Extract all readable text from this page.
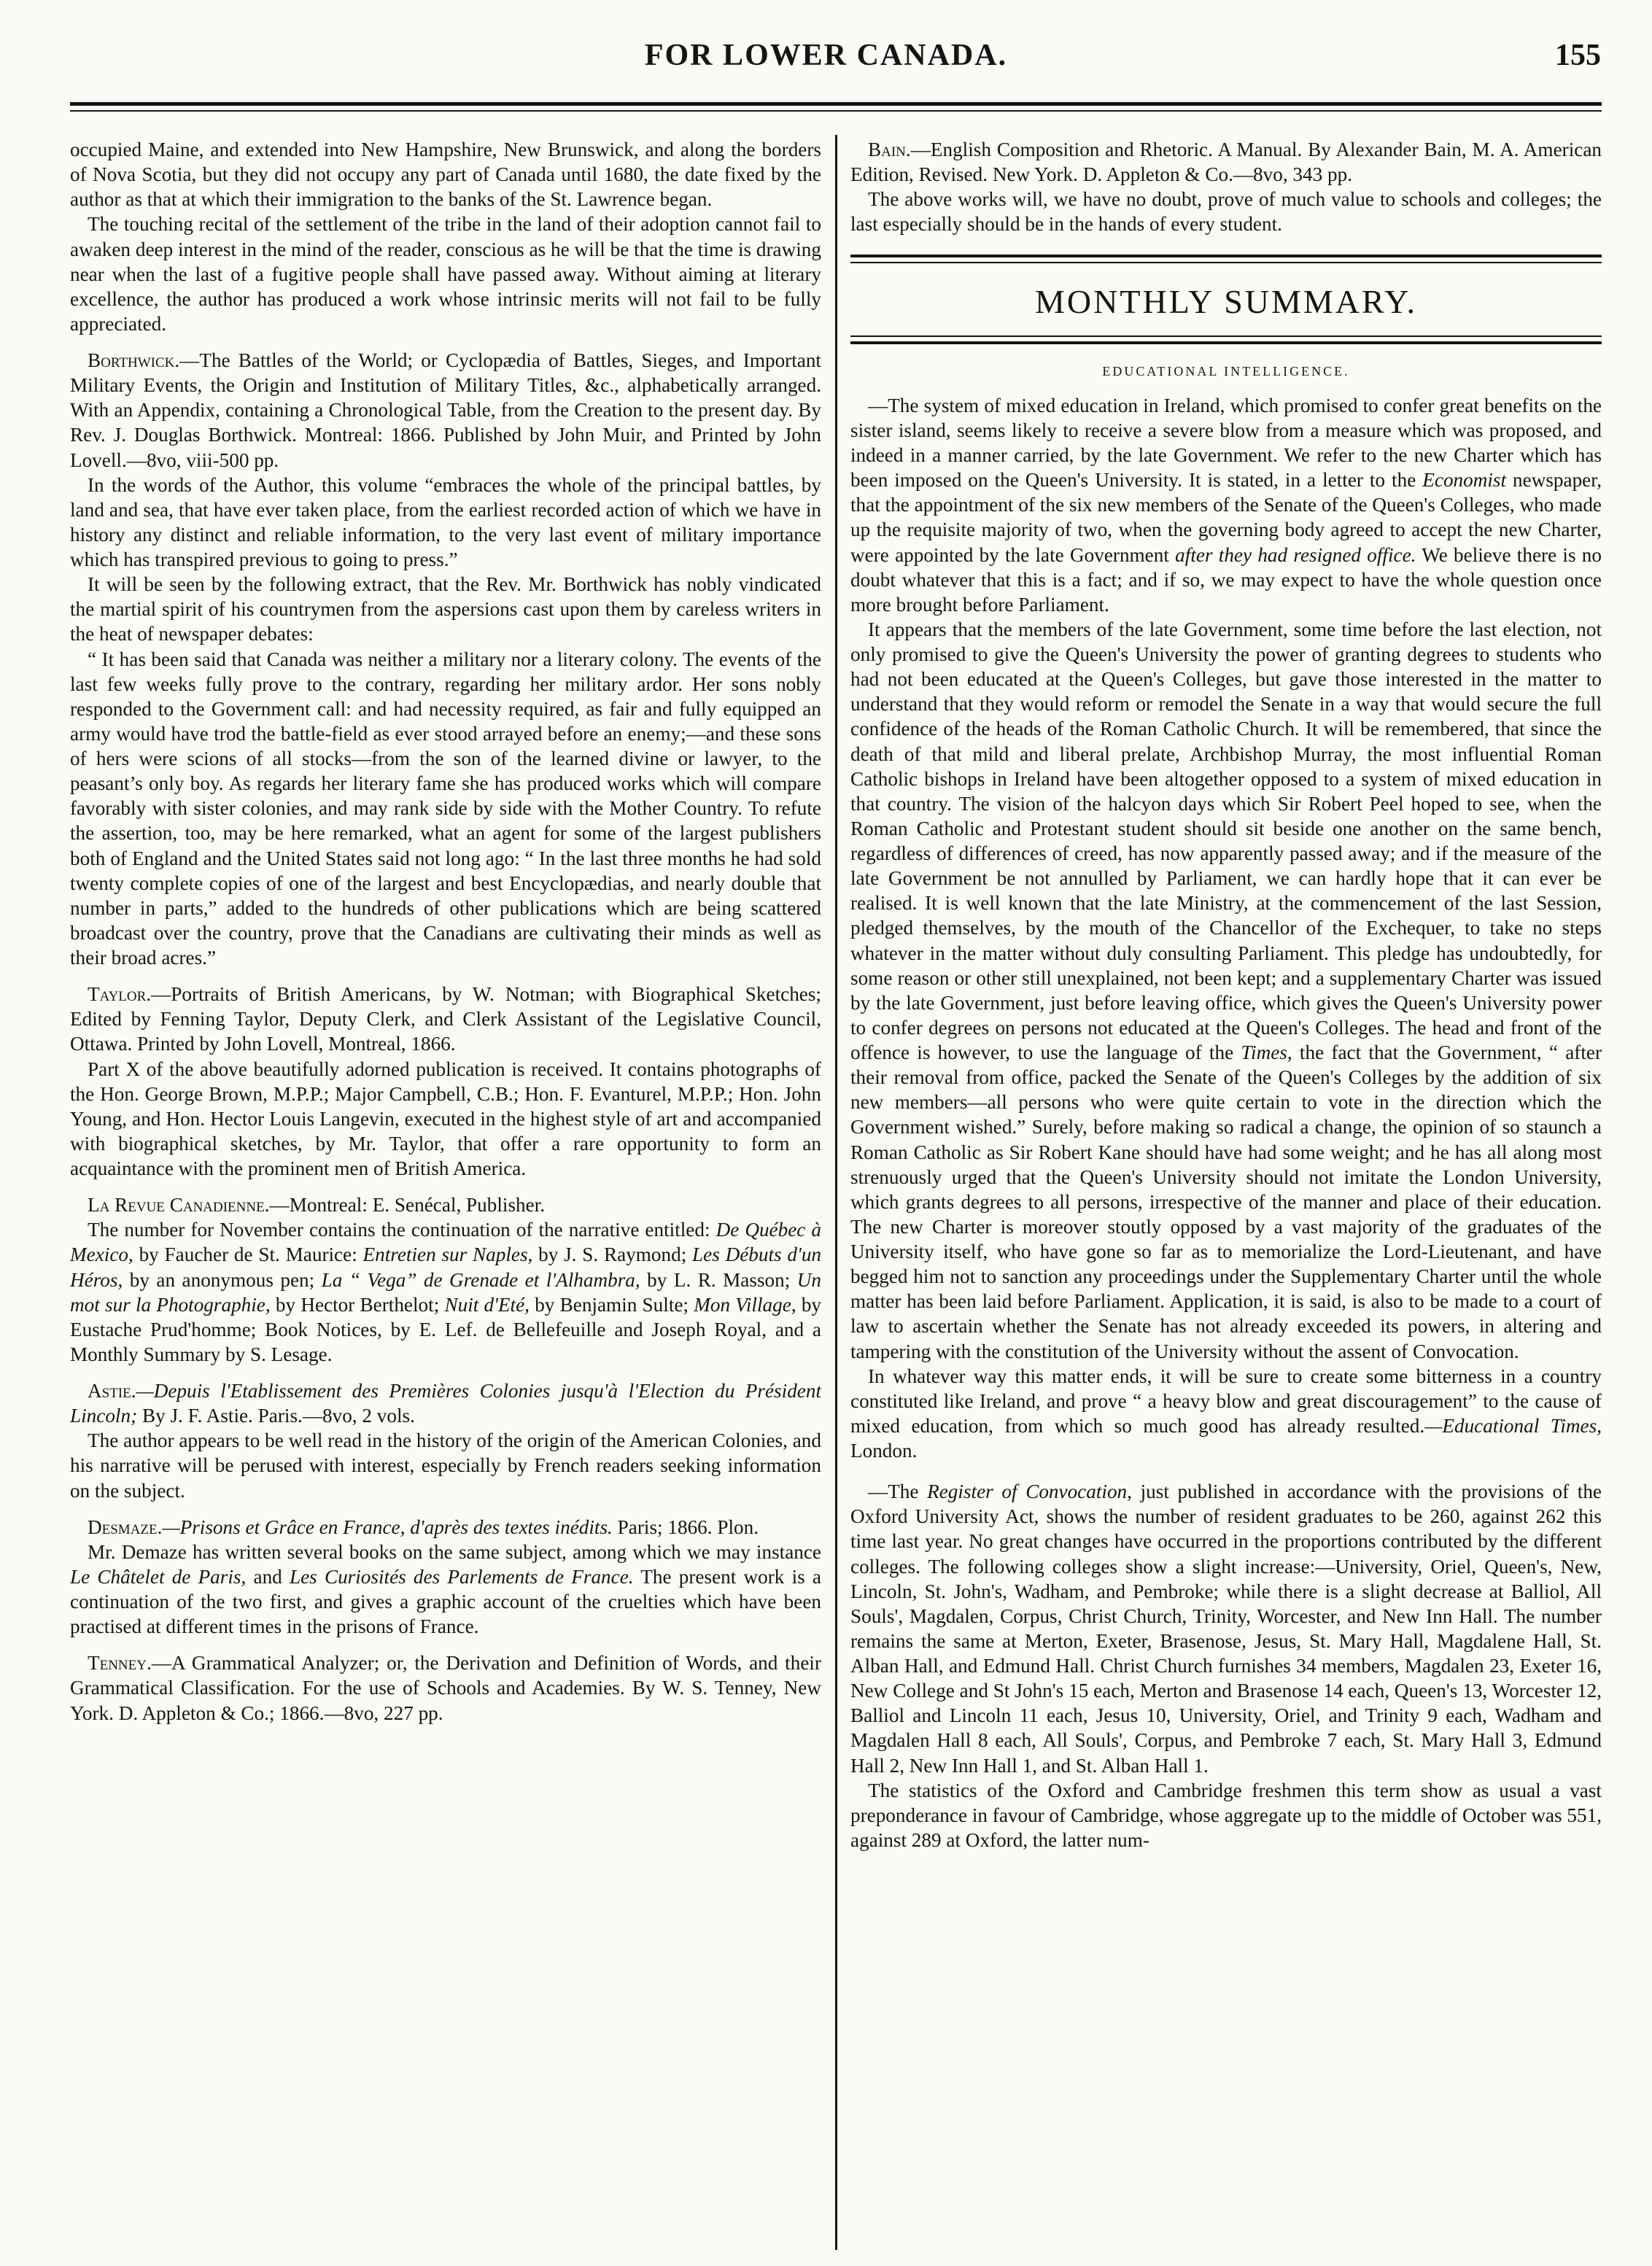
FOR LOWER CANADA.	155

occupied Maine, and extended into New Hampshire, New Brunswick, and along the borders of Nova Scotia, but they did not occupy any part of Canada until 1680, the date fixed by the author as that at which their immigration to the banks of the St. Lawrence began.

The touching recital of the settlement of the tribe in the land of their adoption cannot fail to awaken deep interest in the mind of the reader, conscious as he will be that the time is drawing near when the last of a fugitive people shall have passed away. Without aiming at literary excellence, the author has produced a work whose intrinsic merits will not fail to be fully appreciated.

Borthwick.—The Battles of the World; or Cyclopædia of Battles, Sieges, and Important Military Events, the Origin and Institution of Military Titles, &c., alphabetically arranged. With an Appendix, containing a Chronological Table, from the Creation to the present day. By Rev. J. Douglas Borthwick. Montreal: 1866. Published by John Muir, and Printed by John Lovell.—8vo, viii-500 pp.

In the words of the Author, this volume “embraces the whole of the principal battles, by land and sea, that have ever taken place, from the earliest recorded action of which we have in history any distinct and reliable information, to the very last event of military importance which has transpired previous to going to press.”

It will be seen by the following extract, that the Rev. Mr. Borthwick has nobly vindicated the martial spirit of his countrymen from the aspersions cast upon them by careless writers in the heat of newspaper debates:

“ It has been said that Canada was neither a military nor a literary colony. The events of the last few weeks fully prove to the contrary, regarding her military ardor. Her sons nobly responded to the Government call: and had necessity required, as fair and fully equipped an army would have trod the battle-field as ever stood arrayed before an enemy;—and these sons of hers were scions of all stocks—from the son of the learned divine or lawyer, to the peasant’s only boy. As regards her literary fame she has produced works which will compare favorably with sister colonies, and may rank side by side with the Mother Country. To refute the assertion, too, may be here remarked, what an agent for some of the largest publishers both of England and the United States said not long ago: “ In the last three months he had sold twenty complete copies of one of the largest and best Encyclopædias, and nearly double that number in parts,” added to the hundreds of other publications which are being scattered broadcast over the country, prove that the Canadians are cultivating their minds as well as their broad acres.”

Taylor.—Portraits of British Americans, by W. Notman; with Biographical Sketches; Edited by Fenning Taylor, Deputy Clerk, and Clerk Assistant of the Legislative Council, Ottawa. Printed by John Lovell, Montreal, 1866.

Part X of the above beautifully adorned publication is received. It contains photographs of the Hon. George Brown, M.P.P.; Major Campbell, C.B.; Hon. F. Evanturel, M.P.P.; Hon. John Young, and Hon. Hector Louis Langevin, executed in the highest style of art and accompanied with biographical sketches, by Mr. Taylor, that offer a rare opportunity to form an acquaintance with the prominent men of British America.

La Revue Canadienne.—Montreal: E. Senécal, Publisher.

The number for November contains the continuation of the narrative entitled: De Québec à Mexico, by Faucher de St. Maurice: Entretien sur Naples, by J. S. Raymond; Les Débuts d'un Héros, by an anonymous pen; La “ Vega” de Grenade et l'Alhambra, by L. R. Masson; Un mot sur la Photographie, by Hector Berthelot; Nuit d'Eté, by Benjamin Sulte; Mon Village, by Eustache Prud'homme; Book Notices, by E. Lef. de Bellefeuille and Joseph Royal, and a Monthly Summary by S. Lesage.

Astie.—Depuis l'Etablissement des Premières Colonies jusqu'à l'Election du Président Lincoln; By J. F. Astie. Paris.—8vo, 2 vols.

The author appears to be well read in the history of the origin of the American Colonies, and his narrative will be perused with interest, especially by French readers seeking information on the subject.

Desmaze.—Prisons et Grâce en France, d'après des textes inédits. Paris; 1866. Plon.

Mr. Demaze has written several books on the same subject, among which we may instance Le Châtelet de Paris, and Les Curiosités des Parlements de France. The present work is a continuation of the two first, and gives a graphic account of the cruelties which have been practised at different times in the prisons of France.

Tenney.—A Grammatical Analyzer; or, the Derivation and Definition of Words, and their Grammatical Classification. For the use of Schools and Academies. By W. S. Tenney, New York. D. Appleton & Co.; 1866.—8vo, 227 pp.

Bain.—English Composition and Rhetoric. A Manual. By Alexander Bain, M. A. American Edition, Revised. New York. D. Appleton & Co.—8vo, 343 pp.

The above works will, we have no doubt, prove of much value to schools and colleges; the last especially should be in the hands of every student.

MONTHLY SUMMARY.
EDUCATIONAL INTELLIGENCE.

—The system of mixed education in Ireland, which promised to confer great benefits on the sister island, seems likely to receive a severe blow from a measure which was proposed, and indeed in a manner carried, by the late Government. We refer to the new Charter which has been imposed on the Queen's University. It is stated, in a letter to the Economist newspaper, that the appointment of the six new members of the Senate of the Queen's Colleges, who made up the requisite majority of two, when the governing body agreed to accept the new Charter, were appointed by the late Government after they had resigned office. We believe there is no doubt whatever that this is a fact; and if so, we may expect to have the whole question once more brought before Parliament.

It appears that the members of the late Government, some time before the last election, not only promised to give the Queen's University the power of granting degrees to students who had not been educated at the Queen's Colleges, but gave those interested in the matter to understand that they would reform or remodel the Senate in a way that would secure the full confidence of the heads of the Roman Catholic Church. It will be remembered, that since the death of that mild and liberal prelate, Archbishop Murray, the most influential Roman Catholic bishops in Ireland have been altogether opposed to a system of mixed education in that country. The vision of the halcyon days which Sir Robert Peel hoped to see, when the Roman Catholic and Protestant student should sit beside one another on the same bench, regardless of differences of creed, has now apparently passed away; and if the measure of the late Government be not annulled by Parliament, we can hardly hope that it can ever be realised. It is well known that the late Ministry, at the commencement of the last Session, pledged themselves, by the mouth of the Chancellor of the Exchequer, to take no steps whatever in the matter without duly consulting Parliament. This pledge has undoubtedly, for some reason or other still unexplained, not been kept; and a supplementary Charter was issued by the late Government, just before leaving office, which gives the Queen's University power to confer degrees on persons not educated at the Queen's Colleges. The head and front of the offence is however, to use the language of the Times, the fact that the Government, “ after their removal from office, packed the Senate of the Queen's Colleges by the addition of six new members—all persons who were quite certain to vote in the direction which the Government wished.” Surely, before making so radical a change, the opinion of so staunch a Roman Catholic as Sir Robert Kane should have had some weight; and he has all along most strenuously urged that the Queen's University should not imitate the London University, which grants degrees to all persons, irrespective of the manner and place of their education. The new Charter is moreover stoutly opposed by a vast majority of the graduates of the University itself, who have gone so far as to memorialize the Lord-Lieutenant, and have begged him not to sanction any proceedings under the Supplementary Charter until the whole matter has been laid before Parliament. Application, it is said, is also to be made to a court of law to ascertain whether the Senate has not already exceeded its powers, in altering and tampering with the constitution of the University without the assent of Convocation.

In whatever way this matter ends, it will be sure to create some bitterness in a country constituted like Ireland, and prove “ a heavy blow and great discouragement” to the cause of mixed education, from which so much good has already resulted.—Educational Times, London.

—The Register of Convocation, just published in accordance with the provisions of the Oxford University Act, shows the number of resident graduates to be 260, against 262 this time last year. No great changes have occurred in the proportions contributed by the different colleges. The following colleges show a slight increase:—University, Oriel, Queen's, New, Lincoln, St. John's, Wadham, and Pembroke; while there is a slight decrease at Balliol, All Souls', Magdalen, Corpus, Christ Church, Trinity, Worcester, and New Inn Hall. The number remains the same at Merton, Exeter, Brasenose, Jesus, St. Mary Hall, Magdalene Hall, St. Alban Hall, and Edmund Hall. Christ Church furnishes 34 members, Magdalen 23, Exeter 16, New College and St John's 15 each, Merton and Brasenose 14 each, Queen's 13, Worcester 12, Balliol and Lincoln 11 each, Jesus 10, University, Oriel, and Trinity 9 each, Wadham and Magdalen Hall 8 each, All Souls', Corpus, and Pembroke 7 each, St. Mary Hall 3, Edmund Hall 2, New Inn Hall 1, and St. Alban Hall 1.

The statistics of the Oxford and Cambridge freshmen this term show as usual a vast preponderance in favour of Cambridge, whose aggregate up to the middle of October was 551, against 289 at Oxford, the latter num-
